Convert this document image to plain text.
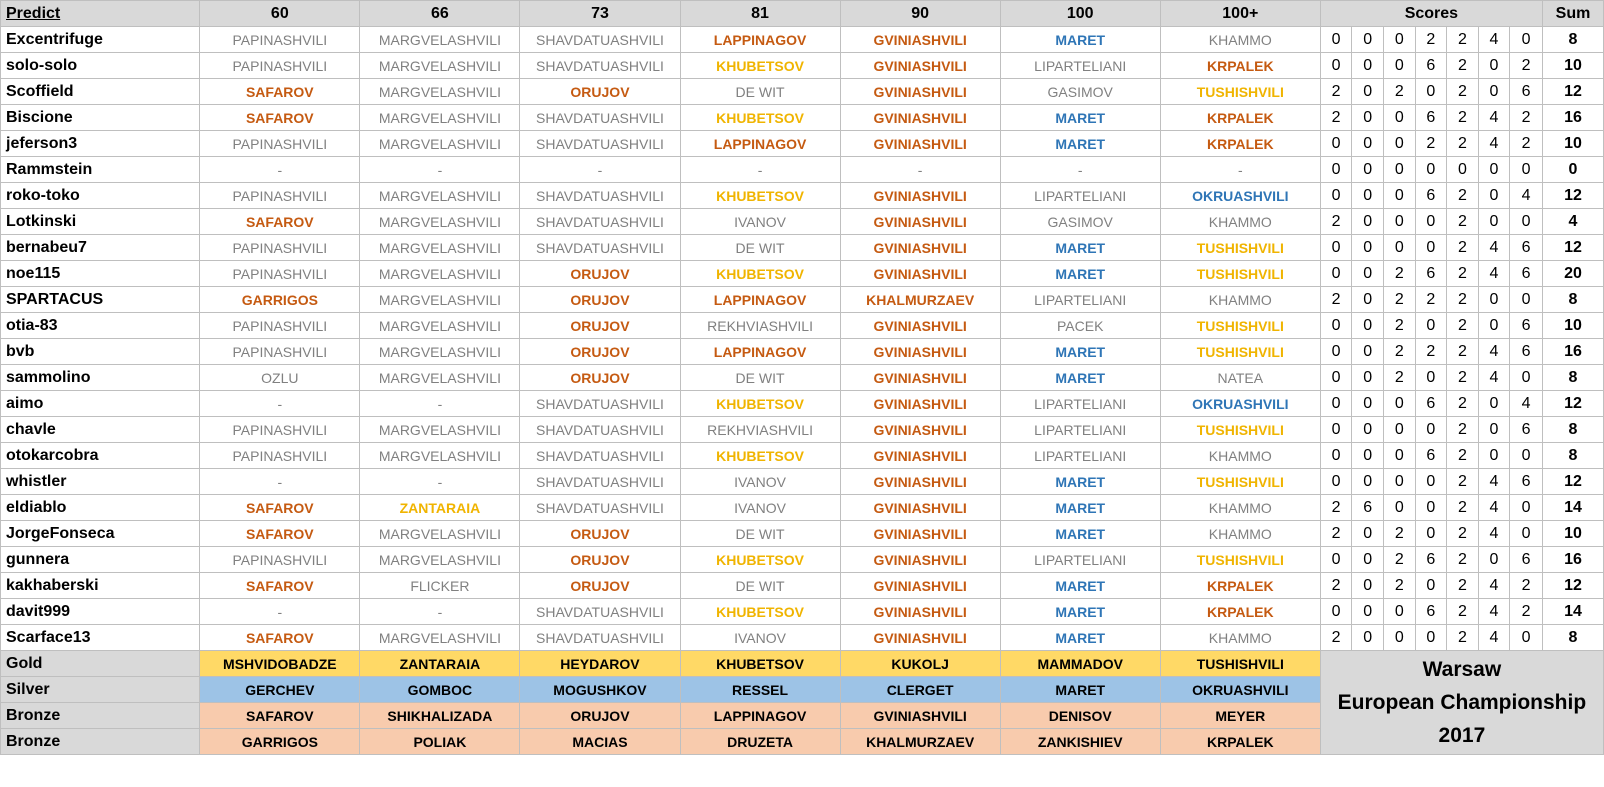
Predict	60	66	73	81	90	100	100+	Scores							Sum
Excentrifuge	PAPINASHVILI	MARGVELASHVILI	SHAVDATUASHVILI	LAPPINAGOV	GVINIASHVILI	MARET	KHAMMO	0	0	0	2	2	4	0	8
solo-solo	PAPINASHVILI	MARGVELASHVILI	SHAVDATUASHVILI	KHUBETSOV	GVINIASHVILI	LIPARTELIANI	KRPALEK	0	0	0	6	2	0	2	10
Scoffield	SAFAROV	MARGVELASHVILI	ORUJOV	DE WIT	GVINIASHVILI	GASIMOV	TUSHISHVILI	2	0	2	0	2	0	6	12
Biscione	SAFAROV	MARGVELASHVILI	SHAVDATUASHVILI	KHUBETSOV	GVINIASHVILI	MARET	KRPALEK	2	0	0	6	2	4	2	16
jeferson3	PAPINASHVILI	MARGVELASHVILI	SHAVDATUASHVILI	LAPPINAGOV	GVINIASHVILI	MARET	KRPALEK	0	0	0	2	2	4	2	10
Rammstein	-	-	-	-	-	-	-	0	0	0	0	0	0	0	0
roko-toko	PAPINASHVILI	MARGVELASHVILI	SHAVDATUASHVILI	KHUBETSOV	GVINIASHVILI	LIPARTELIANI	OKRUASHVILI	0	0	0	6	2	0	4	12
Lotkinski	SAFAROV	MARGVELASHVILI	SHAVDATUASHVILI	IVANOV	GVINIASHVILI	GASIMOV	KHAMMO	2	0	0	0	2	0	0	4
bernabeu7	PAPINASHVILI	MARGVELASHVILI	SHAVDATUASHVILI	DE WIT	GVINIASHVILI	MARET	TUSHISHVILI	0	0	0	0	2	4	6	12
noe115	PAPINASHVILI	MARGVELASHVILI	ORUJOV	KHUBETSOV	GVINIASHVILI	MARET	TUSHISHVILI	0	0	2	6	2	4	6	20
SPARTACUS	GARRIGOS	MARGVELASHVILI	ORUJOV	LAPPINAGOV	KHALMURZAEV	LIPARTELIANI	KHAMMO	2	0	2	2	2	0	0	8
otia-83	PAPINASHVILI	MARGVELASHVILI	ORUJOV	REKHVIASHVILI	GVINIASHVILI	PACEK	TUSHISHVILI	0	0	2	0	2	0	6	10
bvb	PAPINASHVILI	MARGVELASHVILI	ORUJOV	LAPPINAGOV	GVINIASHVILI	MARET	TUSHISHVILI	0	0	2	2	2	4	6	16
sammolino	OZLU	MARGVELASHVILI	ORUJOV	DE WIT	GVINIASHVILI	MARET	NATEA	0	0	2	0	2	4	0	8
aimo	-	-	SHAVDATUASHVILI	KHUBETSOV	GVINIASHVILI	LIPARTELIANI	OKRUASHVILI	0	0	0	6	2	0	4	12
chavle	PAPINASHVILI	MARGVELASHVILI	SHAVDATUASHVILI	REKHVIASHVILI	GVINIASHVILI	LIPARTELIANI	TUSHISHVILI	0	0	0	0	2	0	6	8
otokarcobra	PAPINASHVILI	MARGVELASHVILI	SHAVDATUASHVILI	KHUBETSOV	GVINIASHVILI	LIPARTELIANI	KHAMMO	0	0	0	6	2	0	0	8
whistler	-	-	SHAVDATUASHVILI	IVANOV	GVINIASHVILI	MARET	TUSHISHVILI	0	0	0	0	2	4	6	12
eldiablo	SAFAROV	ZANTARAIA	SHAVDATUASHVILI	IVANOV	GVINIASHVILI	MARET	KHAMMO	2	6	0	0	2	4	0	14
JorgeFonseca	SAFAROV	MARGVELASHVILI	ORUJOV	DE WIT	GVINIASHVILI	MARET	KHAMMO	2	0	2	0	2	4	0	10
gunnera	PAPINASHVILI	MARGVELASHVILI	ORUJOV	KHUBETSOV	GVINIASHVILI	LIPARTELIANI	TUSHISHVILI	0	0	2	6	2	0	6	16
kakhaberski	SAFAROV	FLICKER	ORUJOV	DE WIT	GVINIASHVILI	MARET	KRPALEK	2	0	2	0	2	4	2	12
davit999	-	-	SHAVDATUASHVILI	KHUBETSOV	GVINIASHVILI	MARET	KRPALEK	0	0	0	6	2	4	2	14
Scarface13	SAFAROV	MARGVELASHVILI	SHAVDATUASHVILI	IVANOV	GVINIASHVILI	MARET	KHAMMO	2	0	0	0	2	4	0	8
Gold	MSHVIDOBADZE	ZANTARAIA	HEYDAROV	KHUBETSOV	KUKOLJ	MAMMADOV	TUSHISHVILI	Warsaw
European Championship
2017							

Silver	GERCHEV	GOMBOC	MOGUSHKOV	RESSEL	CLERGET	MARET	OKRUASHVILI								
Bronze	SAFAROV	SHIKHALIZADA	ORUJOV	LAPPINAGOV	GVINIASHVILI	DENISOV	MEYER								
Bronze	GARRIGOS	POLIAK	MACIAS	DRUZETA	KHALMURZAEV	ZANKISHIEV	KRPALEK								
